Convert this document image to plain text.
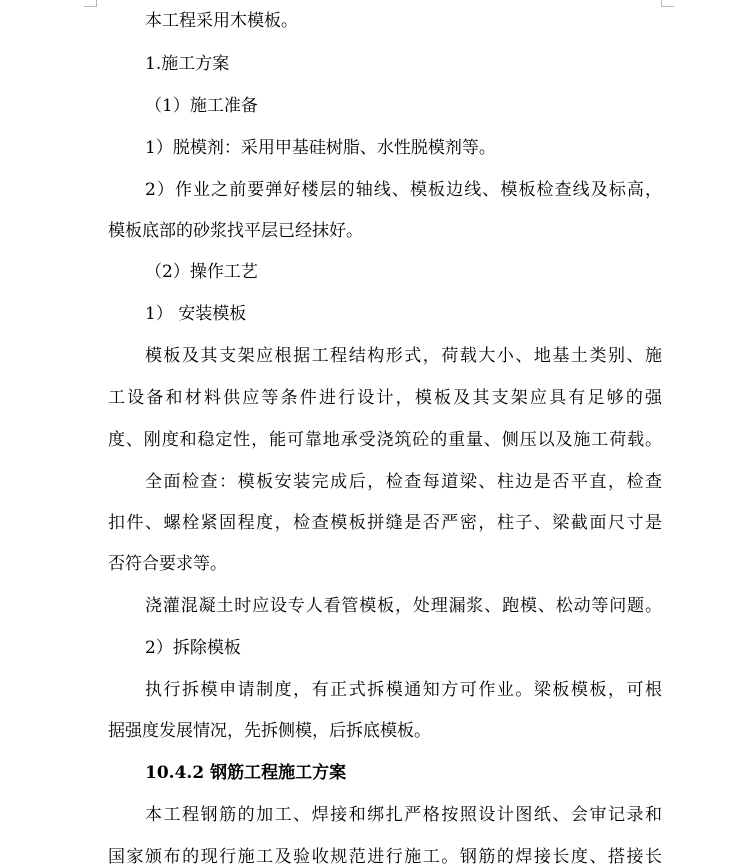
本工程采用木模板。
1.施工方案
（1）施工准备
1）脱模剂：采用甲基硅树脂、水性脱模剂等。
2）作业之前要弹好楼层的轴线、模板边线、模板检查线及标高，
模板底部的砂浆找平层已经抹好。
（2）操作工艺
1） 安装模板
模板及其支架应根据工程结构形式，荷载大小、地基土类别、施
工设备和材料供应等条件进行设计，模板及其支架应具有足够的强
度、刚度和稳定性，能可靠地承受浇筑砼的重量、侧压以及施工荷载。
全面检查：模板安装完成后，检查每道梁、柱边是否平直，检查
扣件、螺栓紧固程度，检查模板拼缝是否严密，柱子、梁截面尺寸是
否符合要求等。
浇灌混凝土时应设专人看管模板，处理漏浆、跑模、松动等问题。
2）拆除模板
执行拆模申请制度，有正式拆模通知方可作业。梁板模板，可根
据强度发展情况，先拆侧模，后拆底模板。
10.4.2 钢筋工程施工方案
本工程钢筋的加工、焊接和绑扎严格按照设计图纸、会审记录和
国家颁布的现行施工及验收规范进行施工。钢筋的焊接长度、搭接长
